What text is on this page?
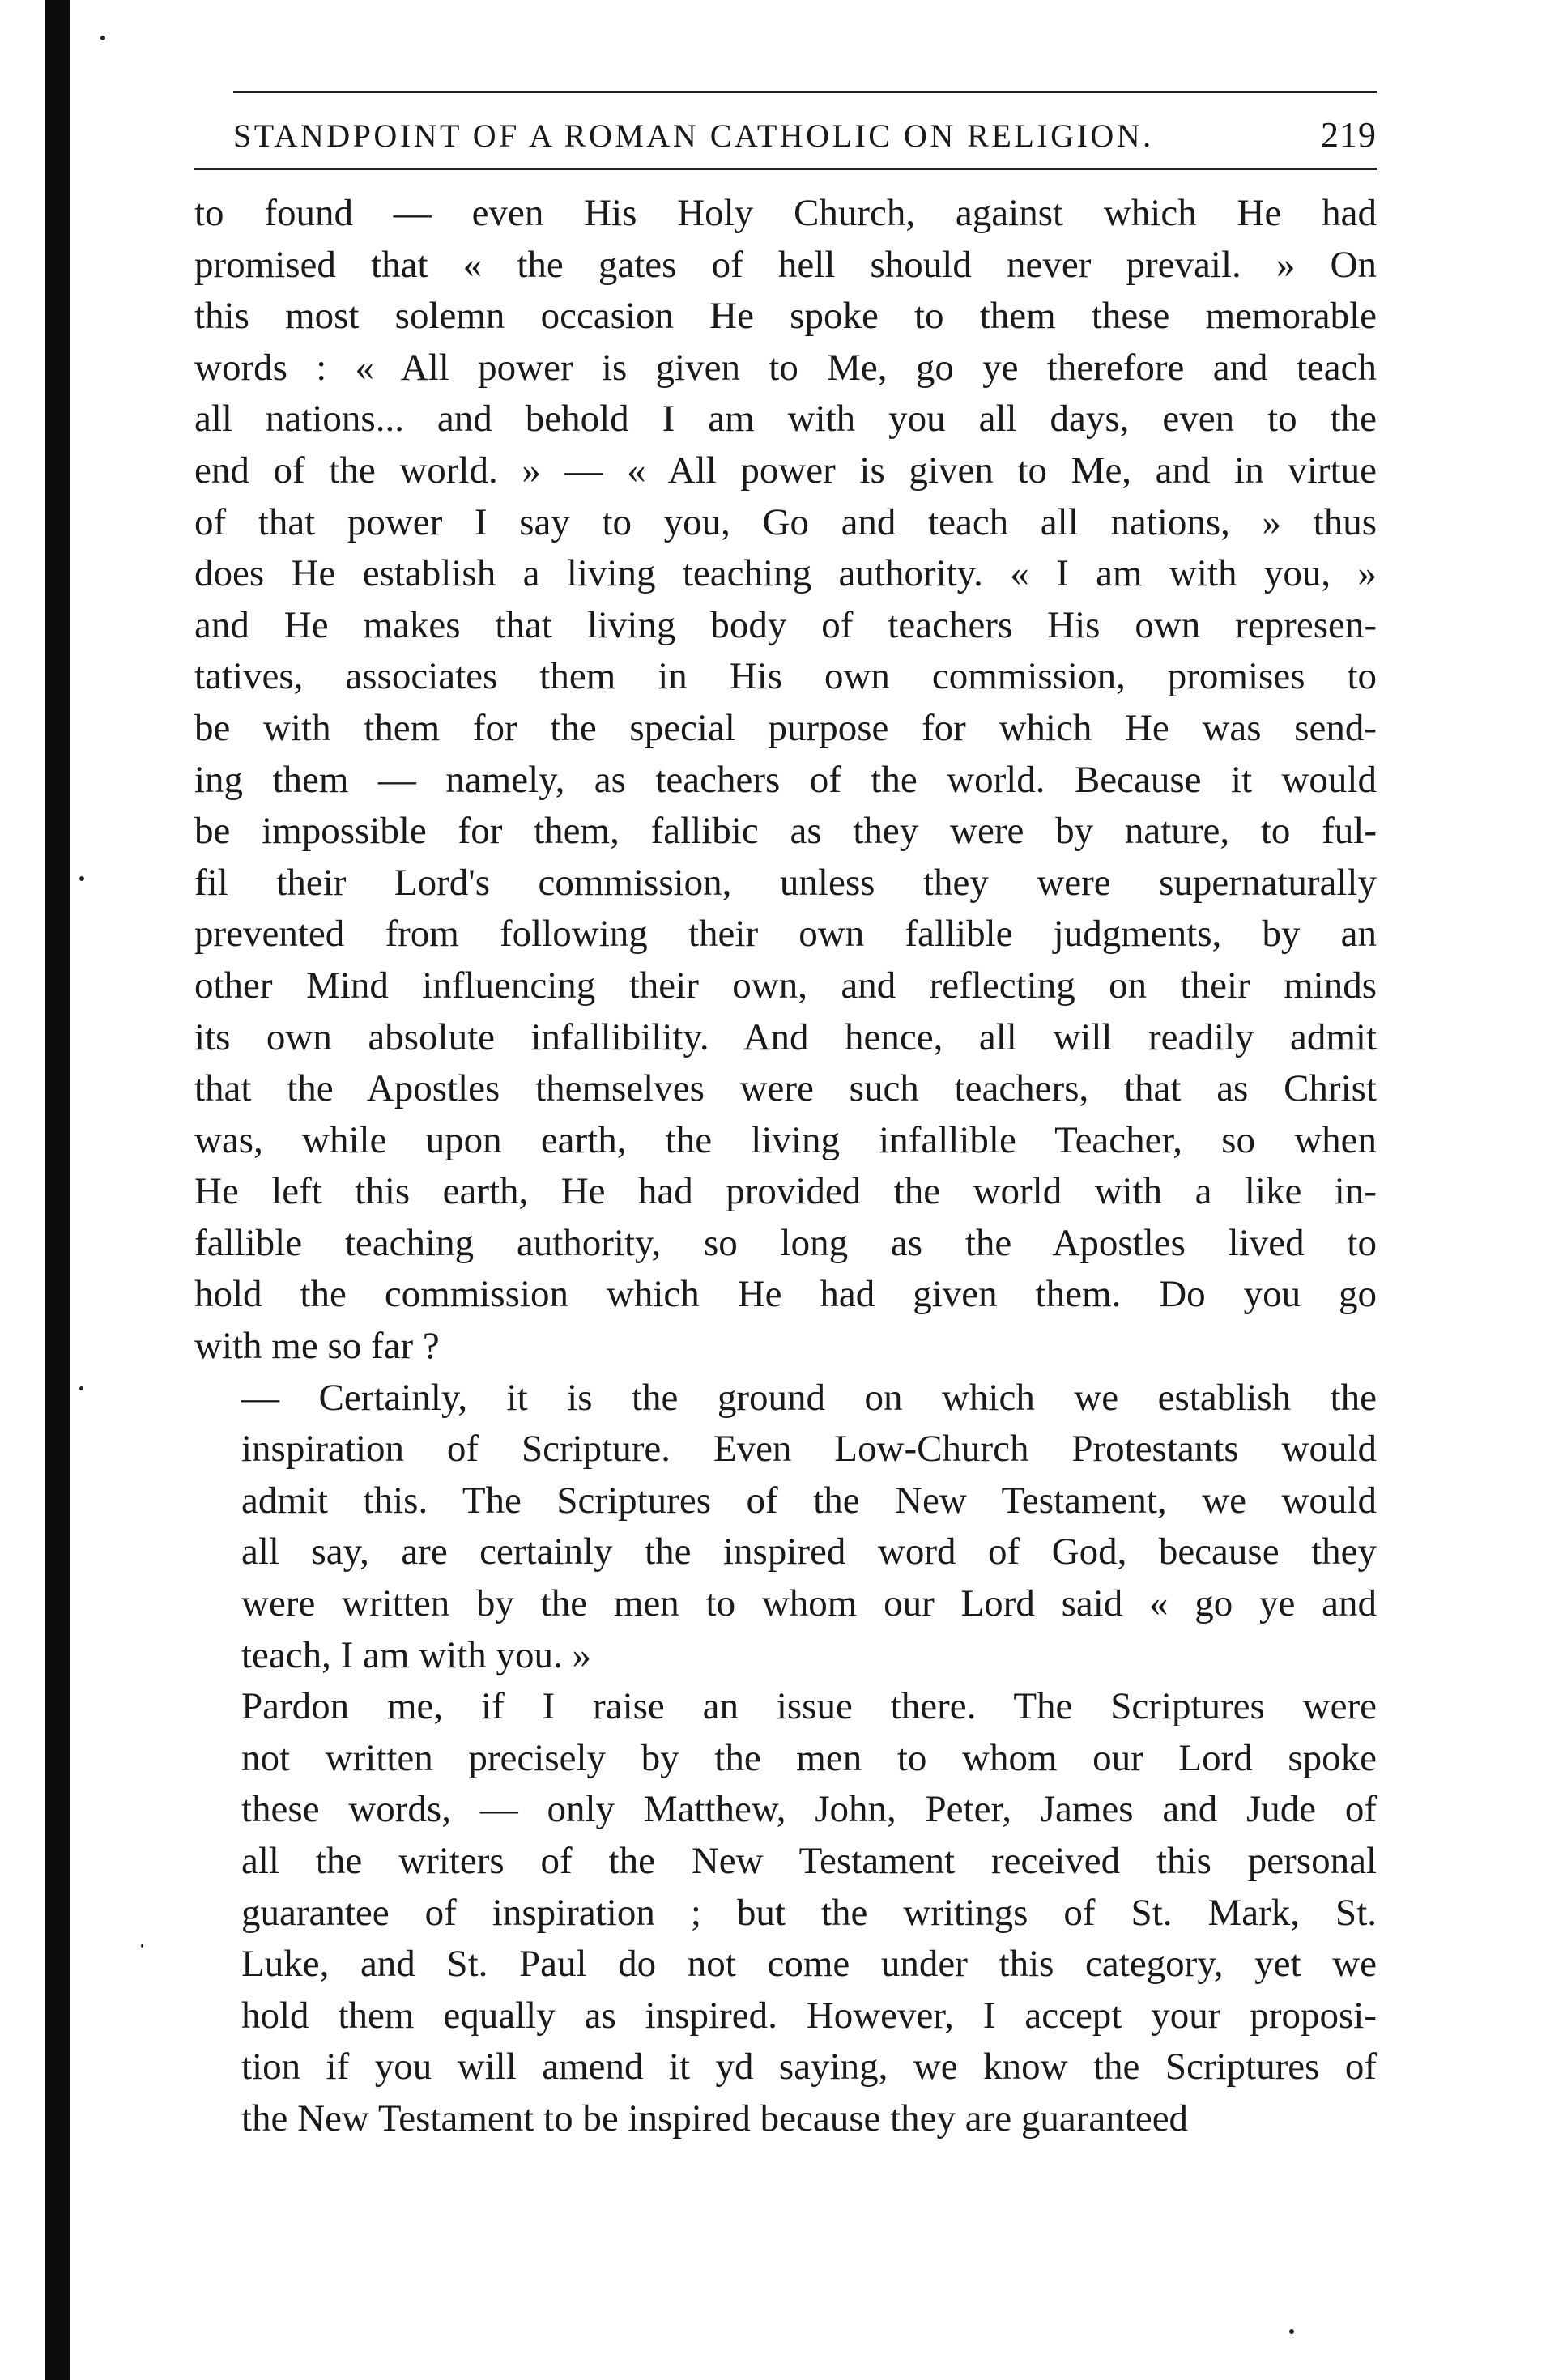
STANDPOINT OF A ROMAN CATHOLIC ON RELIGION.	219

to found — even His Holy Church, against which He had
promised that « the gates of hell should never prevail. » On
this most solemn occasion He spoke to them these memorable
words : « All power is given to Me, go ye therefore and teach
all nations... and behold I am with you all days, even to the
end of the world. » — « All power is given to Me, and in virtue
of that power I say to you, Go and teach all nations, » thus
does He establish a living teaching authority. « I am with you, »
and He makes that living body of teachers His own represen-
tatives, associates them in His own commission, promises to
be with them for the special purpose for which He was send-
ing them — namely, as teachers of the world. Because it would
be impossible for them, fallibic as they were by nature, to ful-
fil their Lord's commission, unless they were supernaturally
prevented from following their own fallible judgments, by an
other Mind influencing their own, and reflecting on their minds
its own absolute infallibility. And hence, all will readily admit
that the Apostles themselves were such teachers, that as Christ
was, while upon earth, the living infallible Teacher, so when
He left this earth, He had provided the world with a like in-
fallible teaching authority, so long as the Apostles lived to
hold the commission which He had given them. Do you go
with me so far ?

— Certainly, it is the ground on which we establish the
inspiration of Scripture. Even Low-Church Protestants would
admit this. The Scriptures of the New Testament, we would
all say, are certainly the inspired word of God, because they
were written by the men to whom our Lord said « go ye and
teach, I am with you. »

Pardon me, if I raise an issue there. The Scriptures were
not written precisely by the men to whom our Lord spoke
these words, — only Matthew, John, Peter, James and Jude of
all the writers of the New Testament received this personal
guarantee of inspiration ; but the writings of St. Mark, St.
Luke, and St. Paul do not come under this category, yet we
hold them equally as inspired. However, I accept your proposi-
tion if you will amend it yd saying, we know the Scriptures of
the New Testament to be inspired because they are guaranteed
